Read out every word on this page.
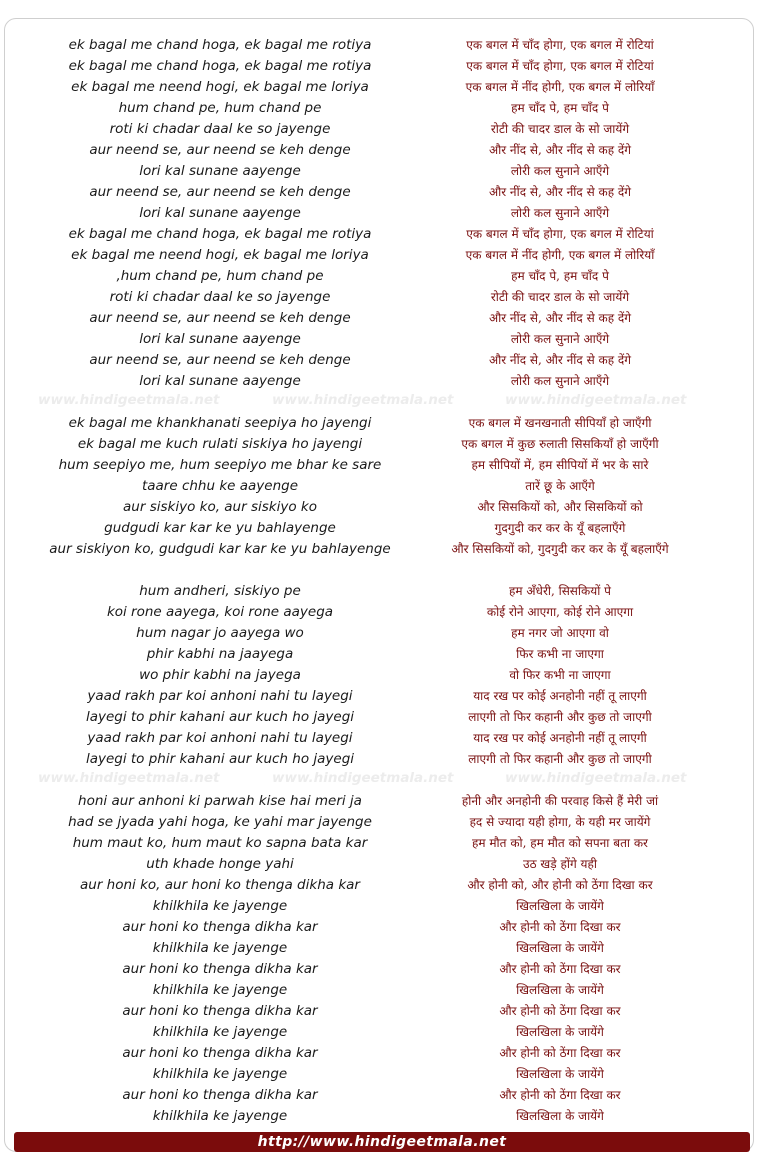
ek bagal me chand hoga, ek bagal me rotiya	एक बगल में चाँद होगा, एक बगल में रोटियां
ek bagal me chand hoga, ek bagal me rotiya	एक बगल में चाँद होगा, एक बगल में रोटियां
ek bagal me neend hogi, ek bagal me loriya	एक बगल में नींद होगी, एक बगल में लोरियाँ
hum chand pe, hum chand pe	हम चाँद पे, हम चाँद पे
roti ki chadar daal ke so jayenge	रोटी की चादर डाल के सो जायेंगे
aur neend se, aur neend se keh denge	और नींद से, और नींद से कह देंगे
lori kal sunane aayenge	लोरी कल सुनाने आएँगे
aur neend se, aur neend se keh denge	और नींद से, और नींद से कह देंगे
lori kal sunane aayenge	लोरी कल सुनाने आएँगे
ek bagal me chand hoga, ek bagal me rotiya	एक बगल में चाँद होगा, एक बगल में रोटियां
ek bagal me neend hogi, ek bagal me loriya	एक बगल में नींद होगी, एक बगल में लोरियाँ
,hum chand pe, hum chand pe	हम चाँद पे, हम चाँद पे
roti ki chadar daal ke so jayenge	रोटी की चादर डाल के सो जायेंगे
aur neend se, aur neend se keh denge	और नींद से, और नींद से कह देंगे
lori kal sunane aayenge	लोरी कल सुनाने आएँगे
aur neend se, aur neend se keh denge	और नींद से, और नींद से कह देंगे
lori kal sunane aayenge	लोरी कल सुनाने आएँगे
www.hindigeetmala.net	www.hindigeetmala.net	www.hindigeetmala.net
ek bagal me khankhanati seepiya ho jayengi	एक बगल में खनखनाती सीपियाँ हो जाएँगी
ek bagal me kuch rulati siskiya ho jayengi	एक बगल में कुछ रुलाती सिसकियाँ हो जाएँगी
hum seepiyo me, hum seepiyo me bhar ke sare	हम सीपियों में, हम सीपियों में भर के सारे
taare chhu ke aayenge	तारें छू के आएँगे
aur siskiyo ko, aur siskiyo ko	और सिसकियों को, और सिसकियों को
gudgudi kar kar ke yu bahlayenge	गुदगुदी कर कर के यूँ बहलाएँगे
aur siskiyon ko, gudgudi kar kar ke yu bahlayenge	और सिसकियों को, गुदगुदी कर कर के यूँ बहलाएँगे
hum andheri, siskiyo pe	हम अँधेरी, सिसकियों पे
koi rone aayega, koi rone aayega	कोई रोने आएगा, कोई रोने आएगा
hum nagar jo aayega wo	हम नगर जो आएगा वो
phir kabhi na jaayega	फिर कभी ना जाएगा
wo phir kabhi na jayega	वो फिर कभी ना जाएगा
yaad rakh par koi anhoni nahi tu layegi	याद रख पर कोई अनहोनी नहीं तू लाएगी
layegi to phir kahani aur kuch ho jayegi	लाएगी तो फिर कहानी और कुछ तो जाएगी
yaad rakh par koi anhoni nahi tu layegi	याद रख पर कोई अनहोनी नहीं तू लाएगी
layegi to phir kahani aur kuch ho jayegi	लाएगी तो फिर कहानी और कुछ तो जाएगी
www.hindigeetmala.net	www.hindigeetmala.net	www.hindigeetmala.net
honi aur anhoni ki parwah kise hai meri ja	होनी और अनहोनी की परवाह किसे हैं मेरी जां
had se jyada yahi hoga, ke yahi mar jayenge	हद से ज्यादा यही होगा, के यही मर जायेंगे
hum maut ko, hum maut ko sapna bata kar	हम मौत को, हम मौत को सपना बता कर
uth khade honge yahi	उठ खड़े होंगे यही
aur honi ko, aur honi ko thenga dikha kar	और होनी को, और होनी को ठेंगा दिखा कर
khilkhila ke jayenge	खिलखिला के जायेंगे
aur honi ko thenga dikha kar	और होनी को ठेंगा दिखा कर
khilkhila ke jayenge	खिलखिला के जायेंगे
aur honi ko thenga dikha kar	और होनी को ठेंगा दिखा कर
khilkhila ke jayenge	खिलखिला के जायेंगे
aur honi ko thenga dikha kar	और होनी को ठेंगा दिखा कर
khilkhila ke jayenge	खिलखिला के जायेंगे
aur honi ko thenga dikha kar	और होनी को ठेंगा दिखा कर
khilkhila ke jayenge	खिलखिला के जायेंगे
aur honi ko thenga dikha kar	और होनी को ठेंगा दिखा कर
khilkhila ke jayenge	खिलखिला के जायेंगे
http://www.hindigeetmala.net
